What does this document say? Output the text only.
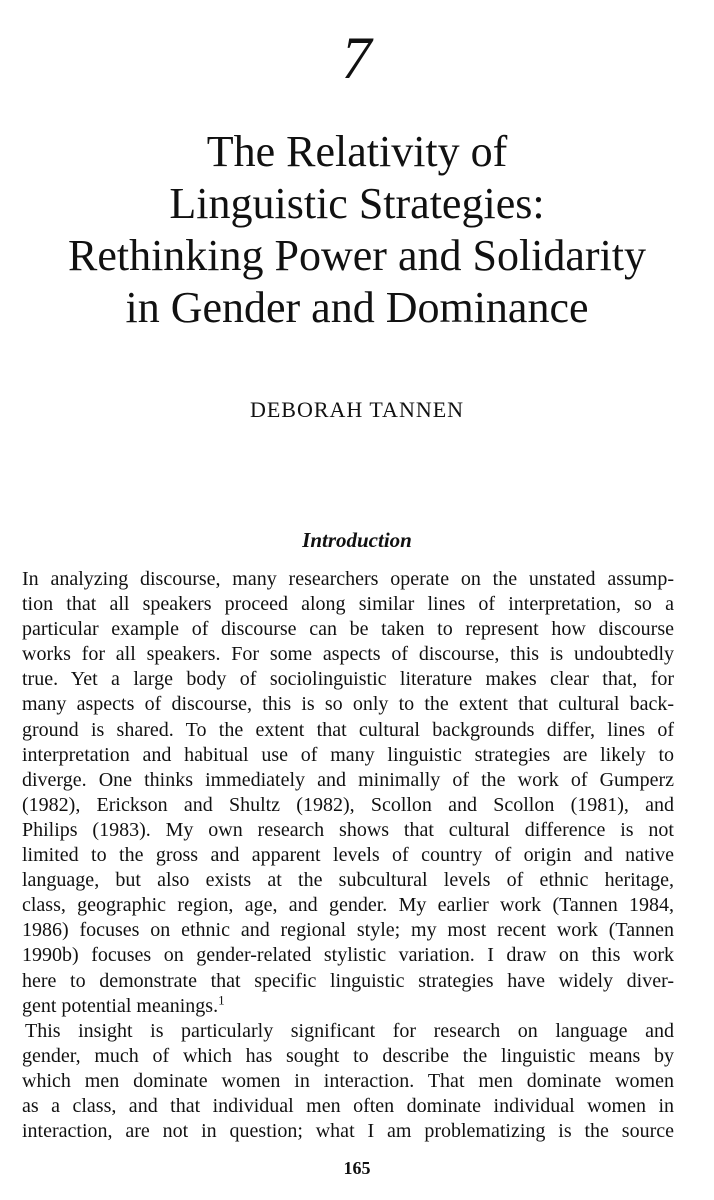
7
The Relativity of
Linguistic Strategies:
Rethinking Power and Solidarity
in Gender and Dominance
DEBORAH TANNEN
Introduction
In analyzing discourse, many researchers operate on the unstated assump-
tion that all speakers proceed along similar lines of interpretation, so a
particular example of discourse can be taken to represent how discourse
works for all speakers. For some aspects of discourse, this is undoubtedly
true. Yet a large body of sociolinguistic literature makes clear that, for
many aspects of discourse, this is so only to the extent that cultural back-
ground is shared. To the extent that cultural backgrounds differ, lines of
interpretation and habitual use of many linguistic strategies are likely to
diverge. One thinks immediately and minimally of the work of Gumperz
(1982), Erickson and Shultz (1982), Scollon and Scollon (1981), and
Philips (1983). My own research shows that cultural difference is not
limited to the gross and apparent levels of country of origin and native
language, but also exists at the subcultural levels of ethnic heritage,
class, geographic region, age, and gender. My earlier work (Tannen 1984,
1986) focuses on ethnic and regional style; my most recent work (Tannen
1990b) focuses on gender-related stylistic variation. I draw on this work
here to demonstrate that specific linguistic strategies have widely diver-
gent potential meanings.$^1$
This insight is particularly significant for research on language and
gender, much of which has sought to describe the linguistic means by
which men dominate women in interaction. That men dominate women
as a class, and that individual men often dominate individual women in
interaction, are not in question; what I am problematizing is the source
165
